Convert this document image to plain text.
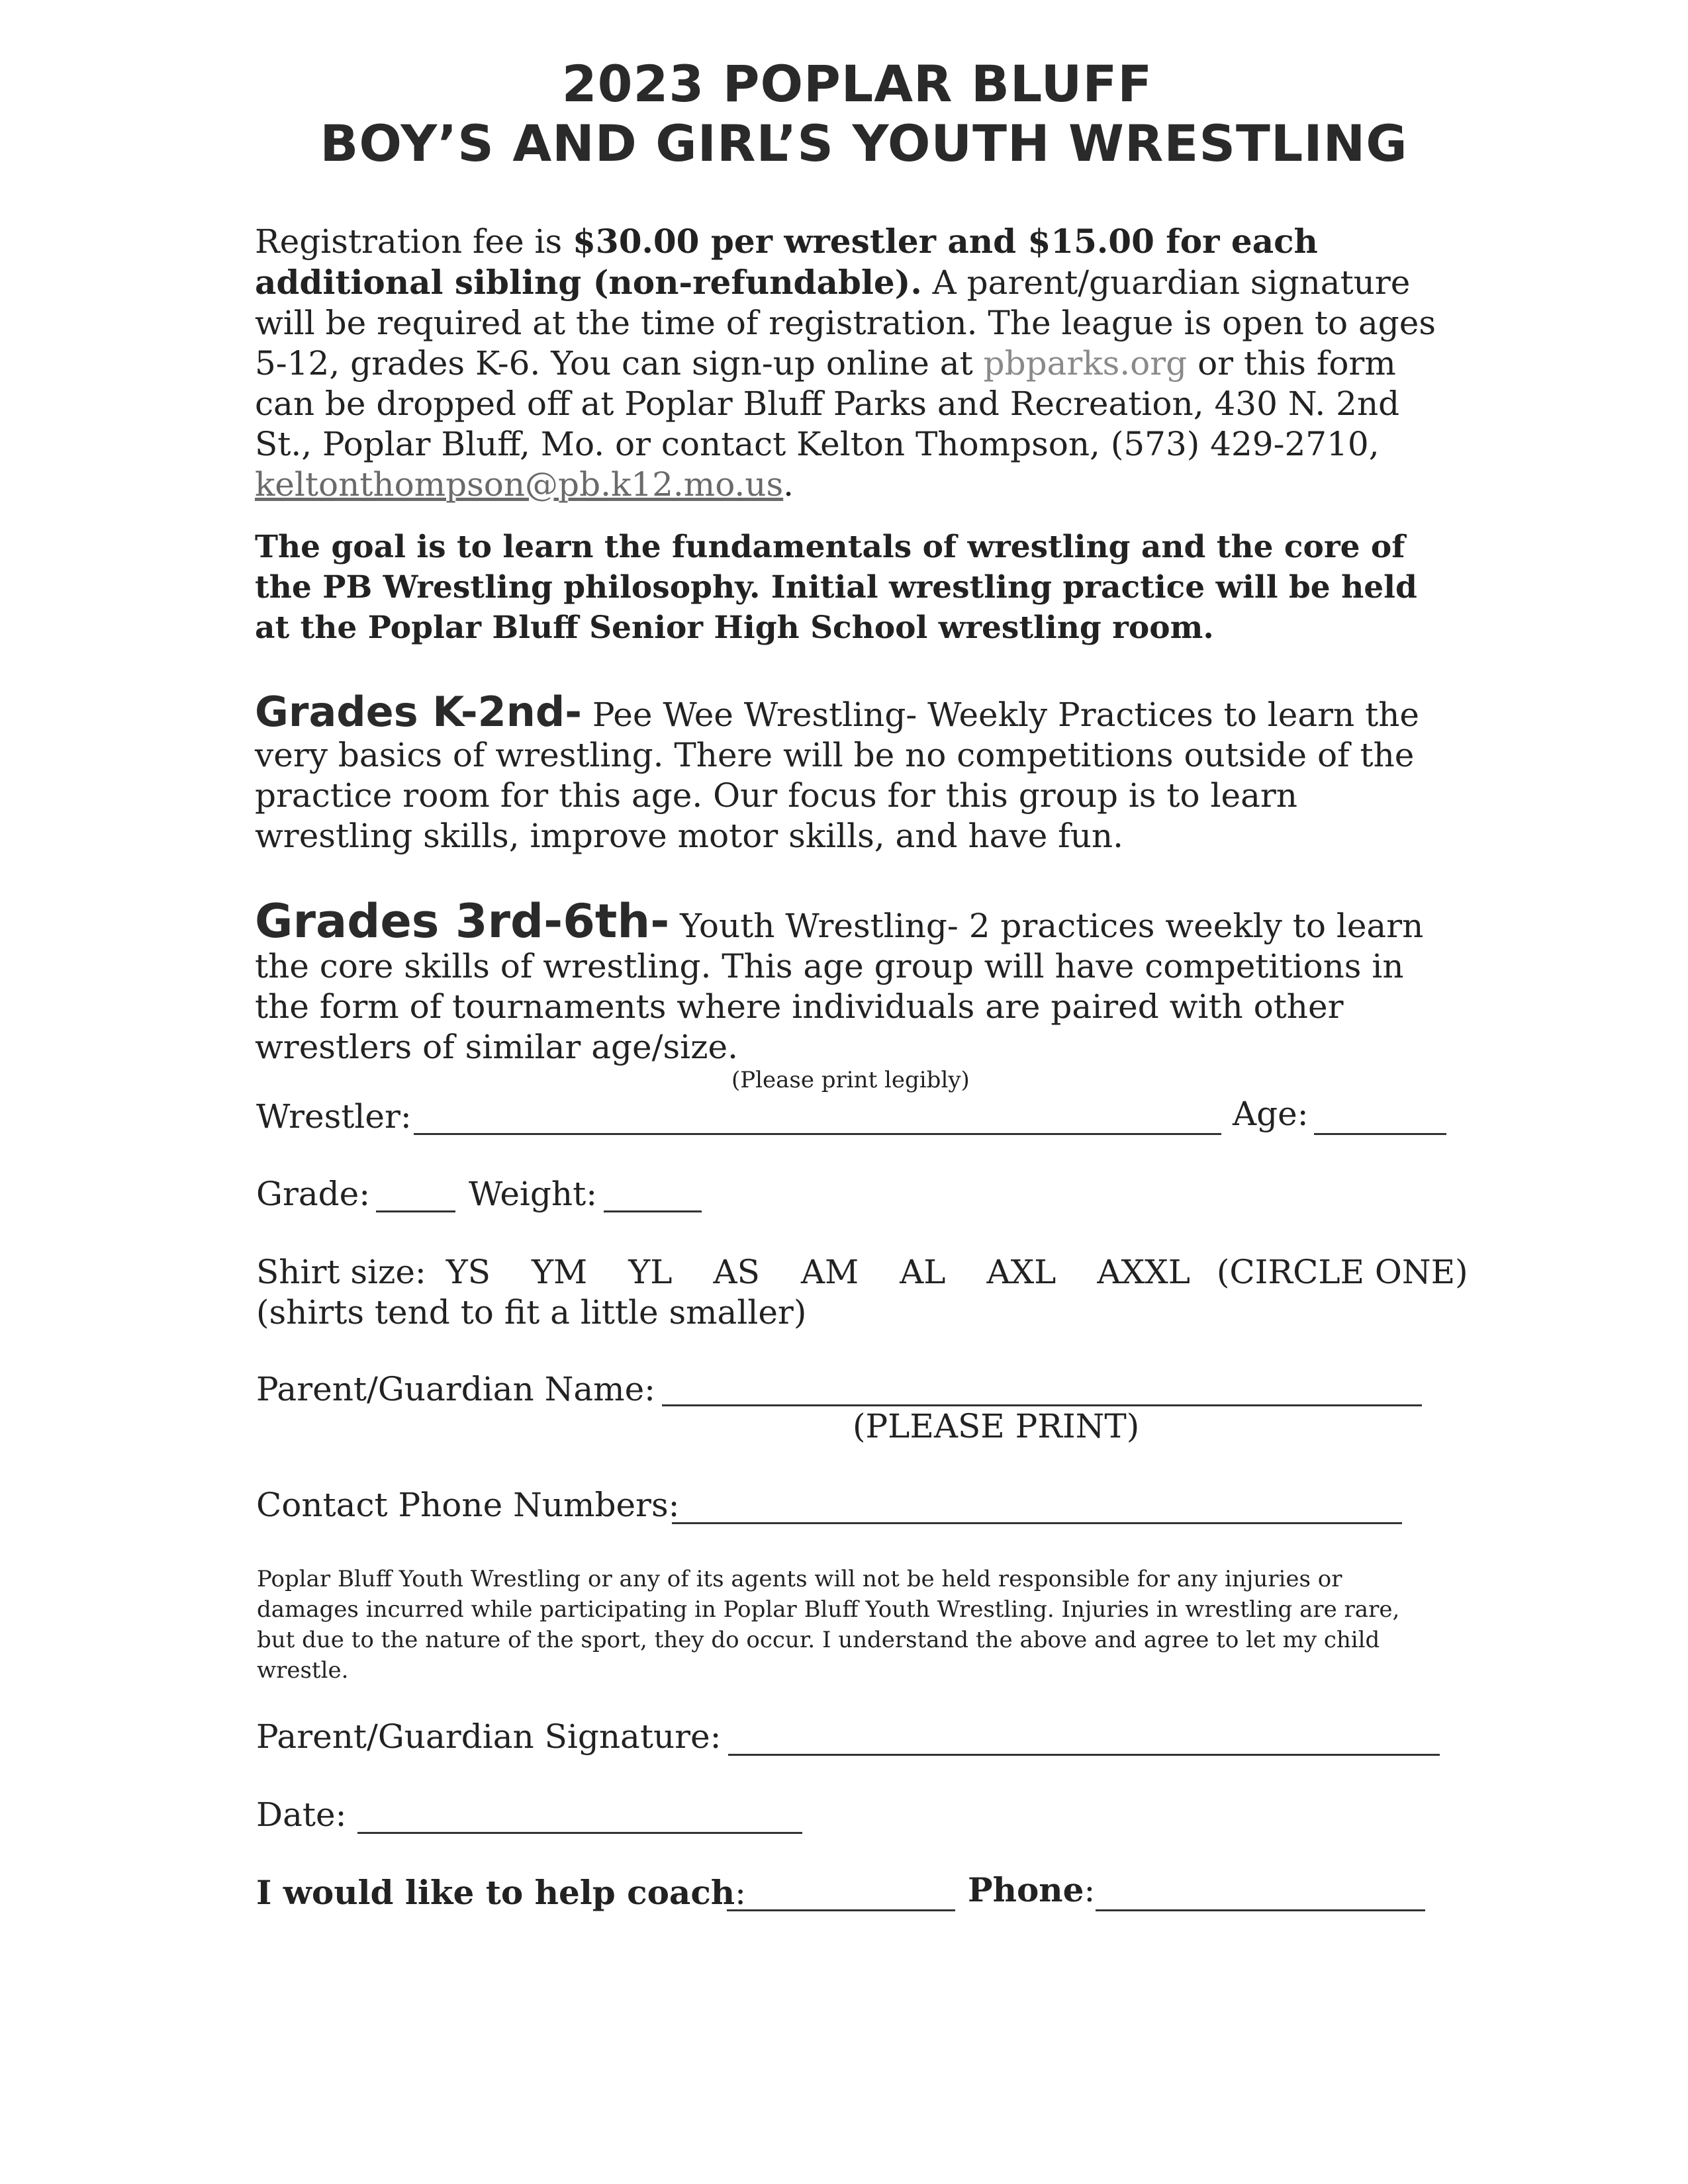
2023 POPLAR BLUFF
BOY’S AND GIRL’S YOUTH WRESTLING

Registration fee is $30.00 per wrestler and $15.00 for each additional sibling (non-refundable). A parent/guardian signature will be required at the time of registration. The league is open to ages 5-12, grades K-6. You can sign-up online at pbparks.org or this form can be dropped off at Poplar Bluff Parks and Recreation, 430 N. 2nd St., Poplar Bluff, Mo. or contact Kelton Thompson, (573) 429-2710, keltonthompson@pb.k12.mo.us.

The goal is to learn the fundamentals of wrestling and the core of the PB Wrestling philosophy. Initial wrestling practice will be held at the Poplar Bluff Senior High School wrestling room.

Grades K-2nd- Pee Wee Wrestling- Weekly Practices to learn the very basics of wrestling. There will be no competitions outside of the practice room for this age. Our focus for this group is to learn wrestling skills, improve motor skills, and have fun.

Grades 3rd-6th- Youth Wrestling- 2 practices weekly to learn the core skills of wrestling. This age group will have competitions in the form of tournaments where individuals are paired with other wrestlers of similar age/size.

(Please print legibly)
Wrestler:	Age:
Grade:	Weight:
Shirt size: YS YM YL AS AM AL AXL AXXL (CIRCLE ONE)
(shirts tend to fit a little smaller)
Parent/Guardian Name:
(PLEASE PRINT)
Contact Phone Numbers:

Poplar Bluff Youth Wrestling or any of its agents will not be held responsible for any injuries or damages incurred while participating in Poplar Bluff Youth Wrestling. Injuries in wrestling are rare, but due to the nature of the sport, they do occur. I understand the above and agree to let my child wrestle.

Parent/Guardian Signature:
Date:
I would like to help coach:	Phone:
